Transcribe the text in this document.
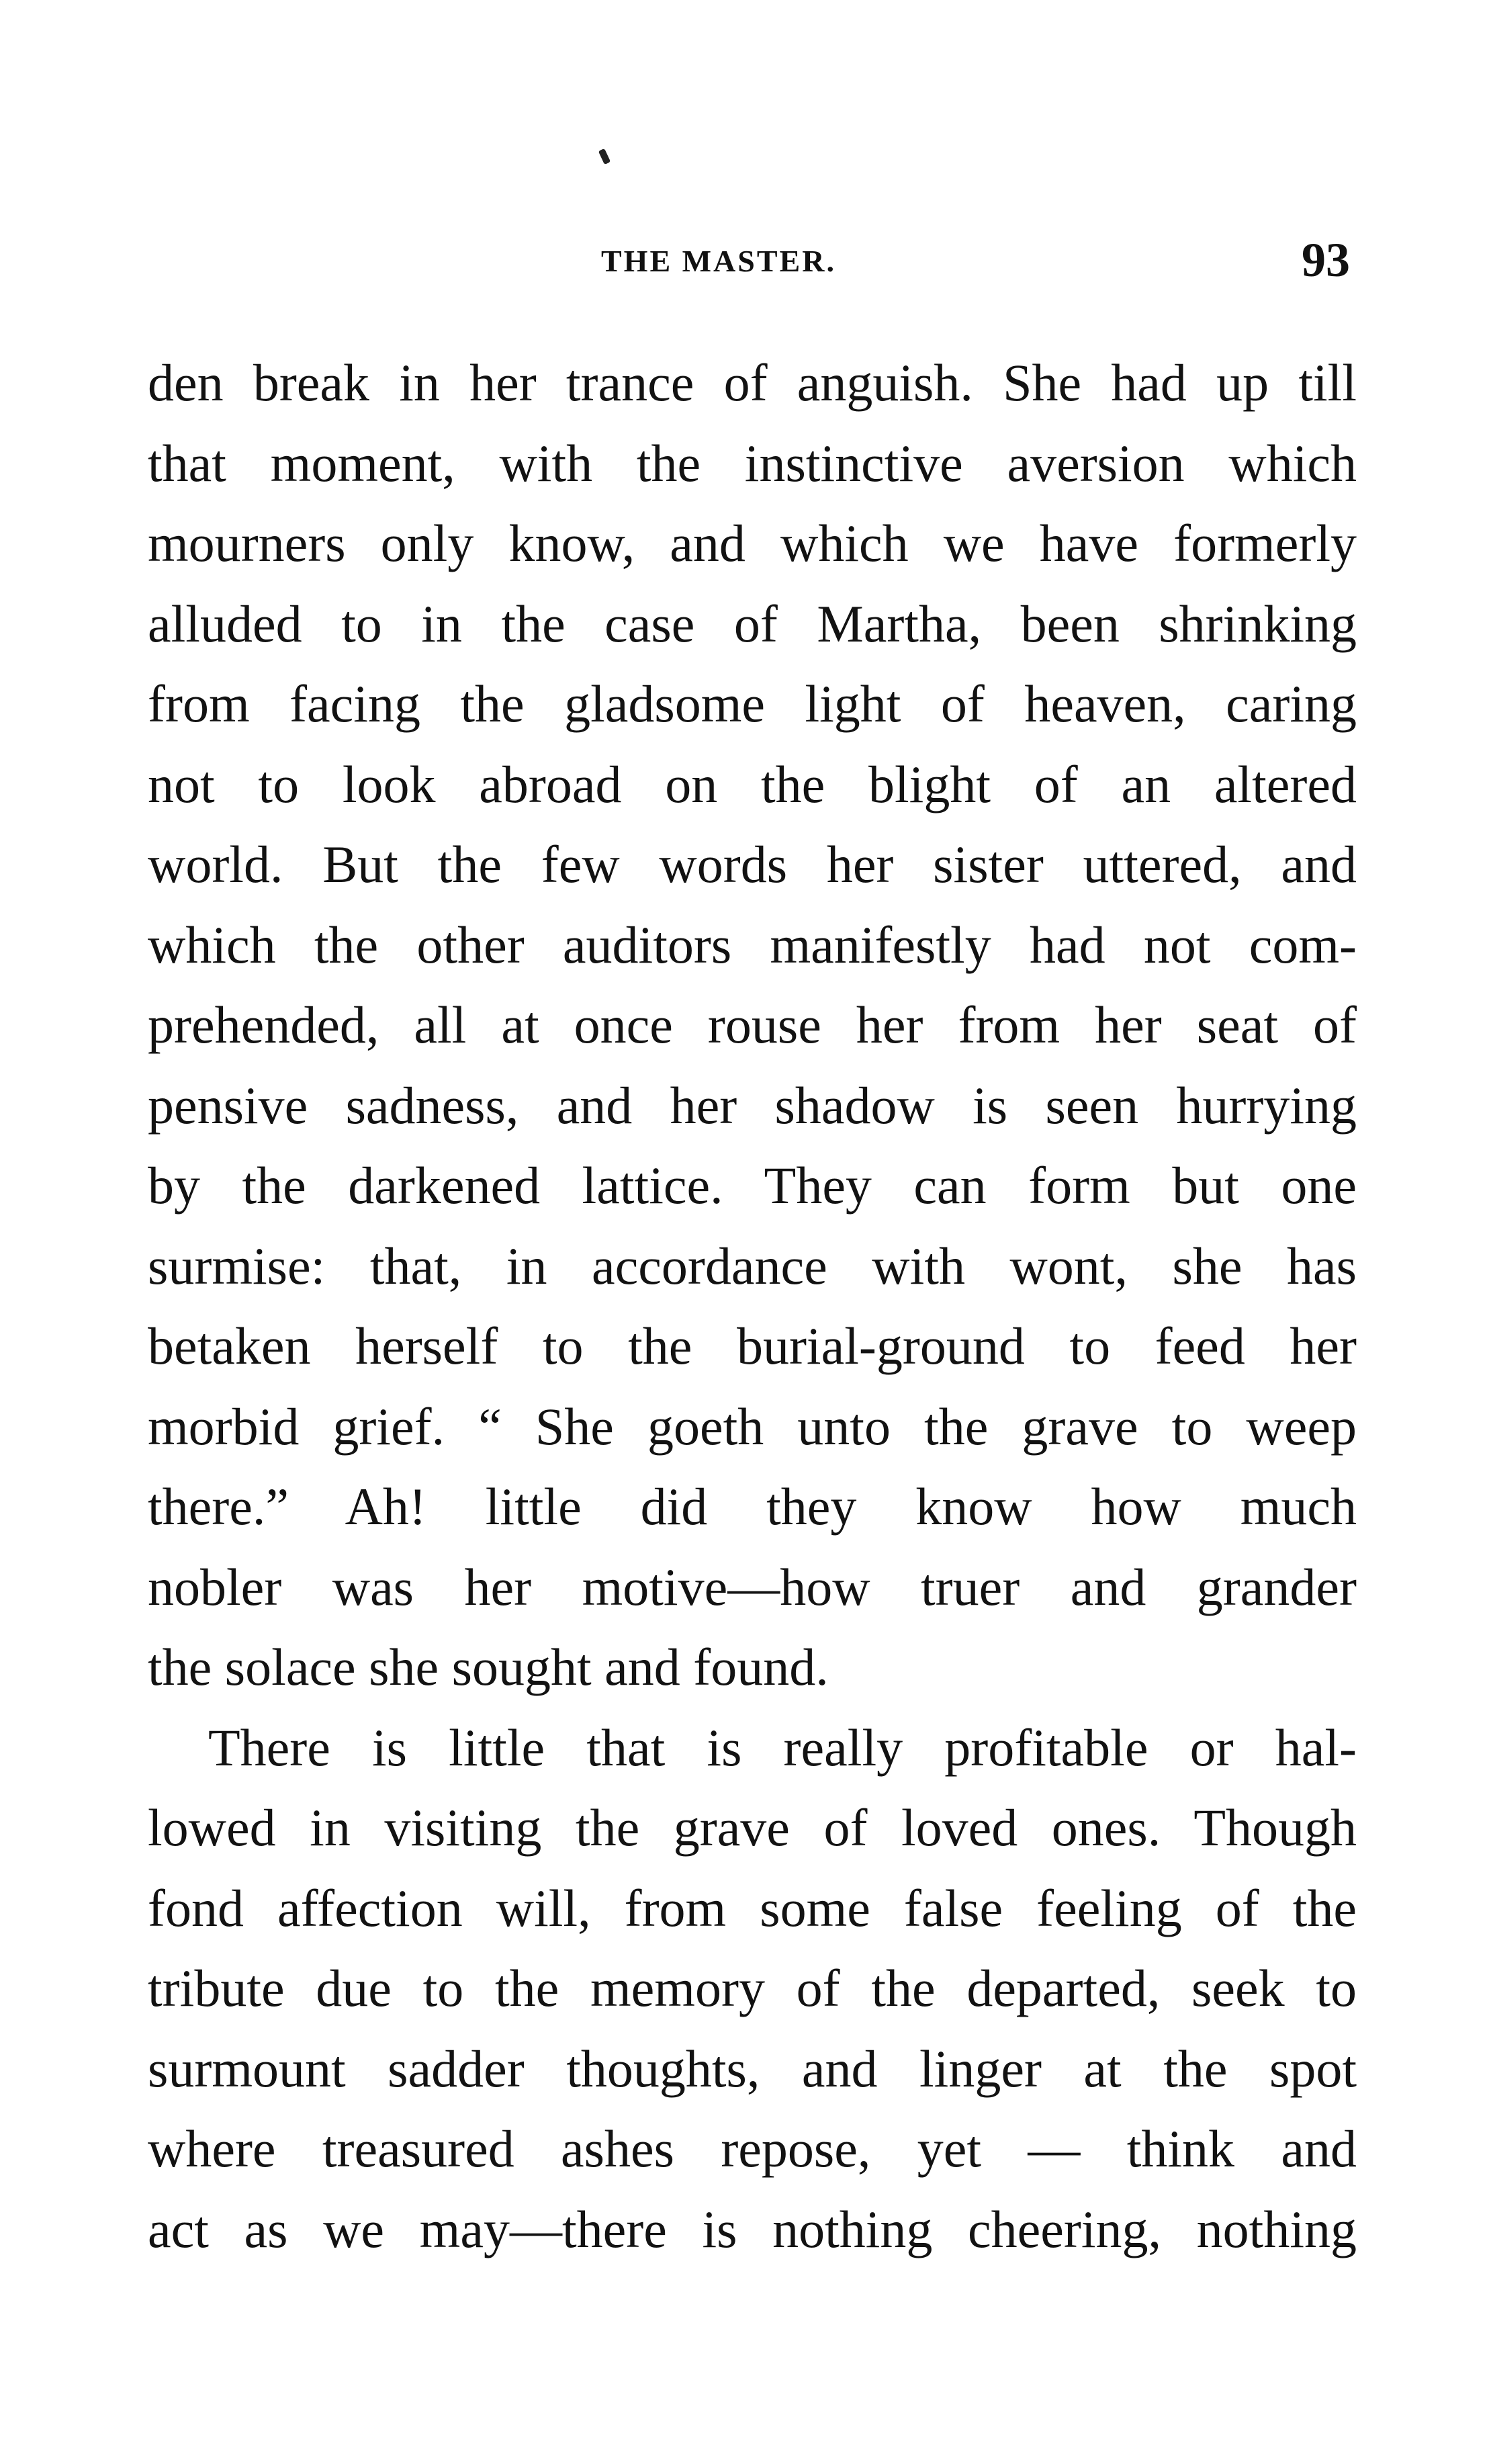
THE MASTER.	93
den break in her trance of anguish. She had up till
that moment, with the instinctive aversion which
mourners only know, and which we have formerly
alluded to in the case of Martha, been shrinking
from facing the gladsome light of heaven, caring
not to look abroad on the blight of an altered
world. But the few words her sister uttered, and
which the other auditors manifestly had not com-
prehended, all at once rouse her from her seat of
pensive sadness, and her shadow is seen hurrying
by the darkened lattice. They can form but one
surmise: that, in accordance with wont, she has
betaken herself to the burial-ground to feed her
morbid grief. “ She goeth unto the grave to weep
there.” Ah! little did they know how much
nobler was her motive—how truer and grander
the solace she sought and found.
There is little that is really profitable or hal-
lowed in visiting the grave of loved ones. Though
fond affection will, from some false feeling of the
tribute due to the memory of the departed, seek to
surmount sadder thoughts, and linger at the spot
where treasured ashes repose, yet — think and
act as we may—there is nothing cheering, nothing
